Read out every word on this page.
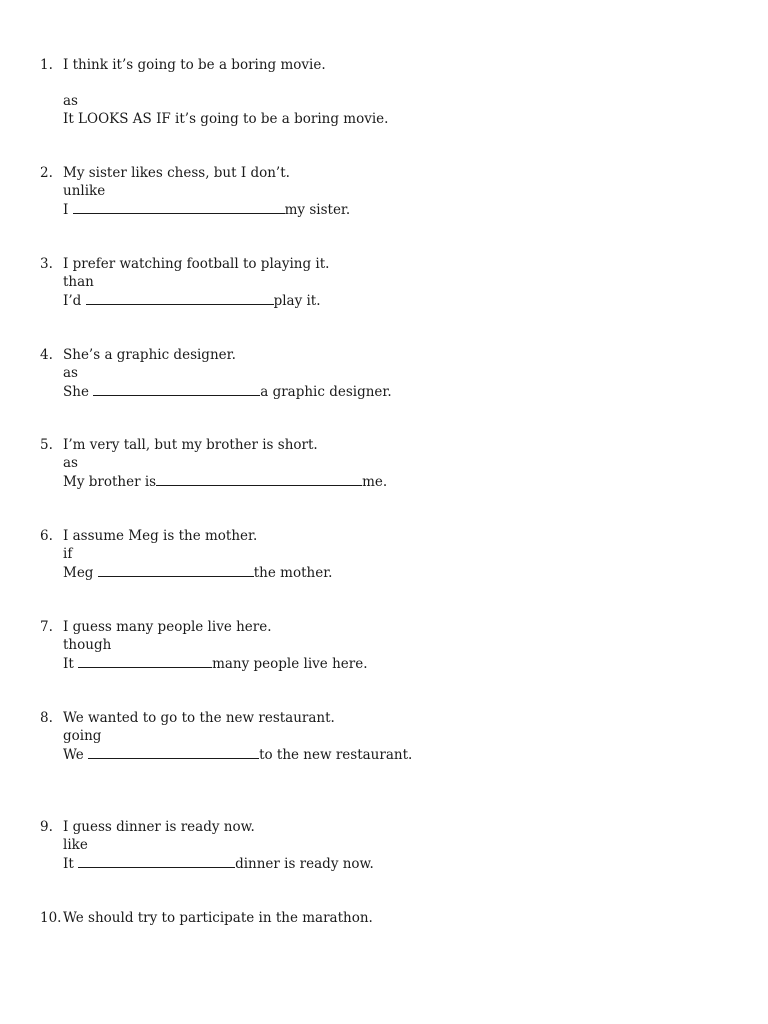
1. I think it’s going to be a boring movie.
as
It LOOKS AS IF it’s going to be a boring movie.
2. My sister likes chess, but I don’t.
unlike
I	my sister.
3. I prefer watching football to playing it.
than
I’d	play it.
4. She’s a graphic designer.
as
She	a graphic designer.
5. I’m very tall, but my brother is short.
as
My brother is	me.
6. I assume Meg is the mother.
if
Meg	the mother.
7. I guess many people live here.
though
It	many people live here.
8. We wanted to go to the new restaurant.
going
We	to the new restaurant.
9. I guess dinner is ready now.
like
It	dinner is ready now.
10. We should try to participate in the marathon.
